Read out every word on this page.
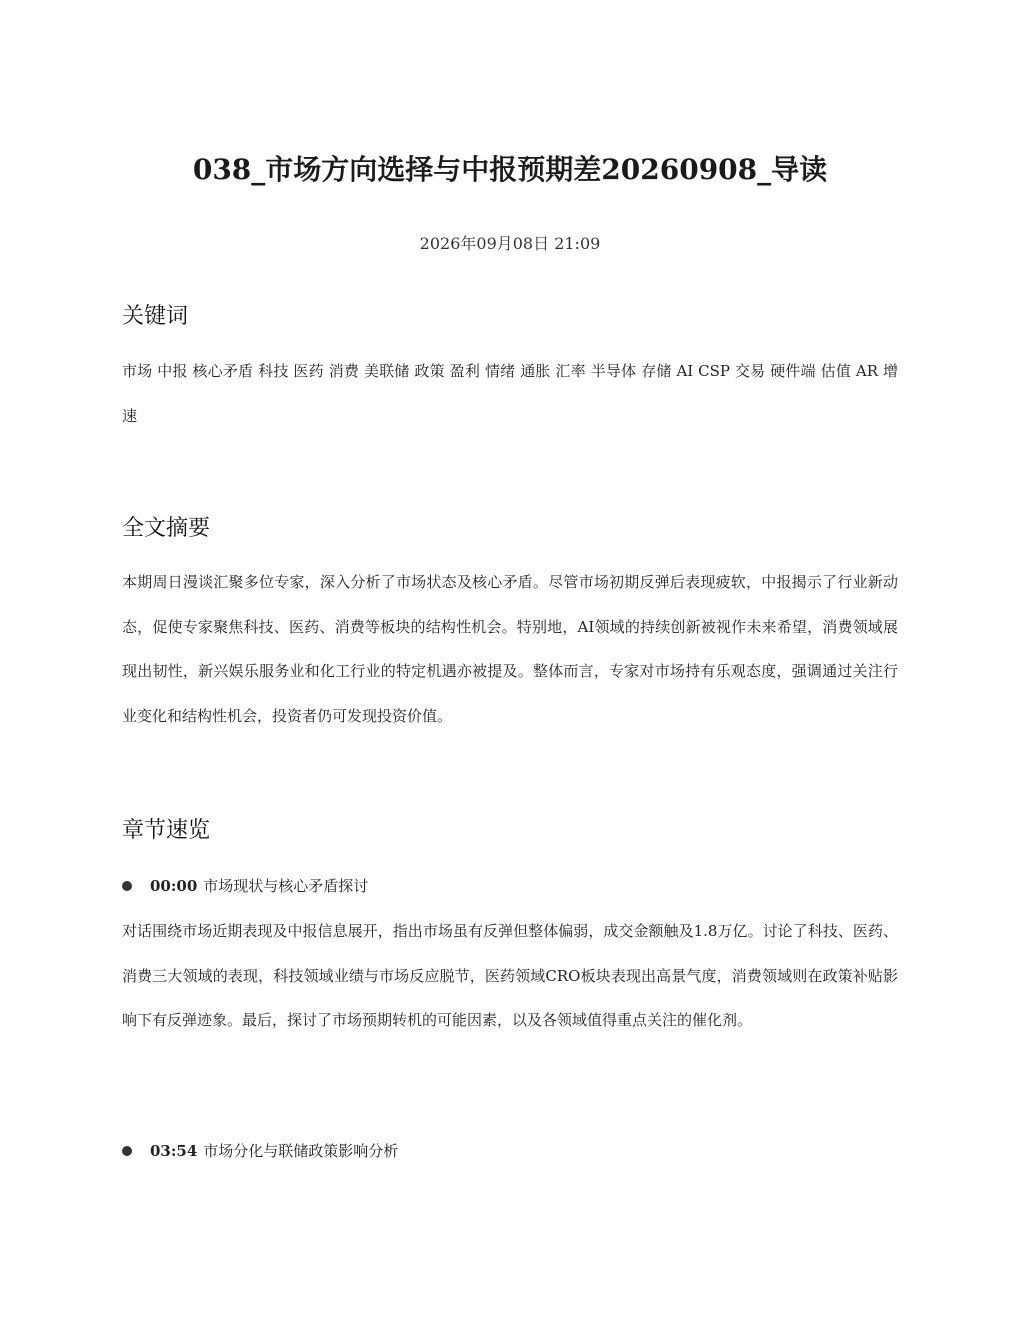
038_市场方向选择与中报预期差20260908_导读
2026年09月08日 21:09
关键词

市场 中报 核心矛盾 科技 医药 消费 美联储 政策 盈利 情绪 通胀 汇率 半导体 存储 AI CSP 交易 硬件端 估值 AR 增速

全文摘要

本期周日漫谈汇聚多位专家，深入分析了市场状态及核心矛盾。尽管市场初期反弹后表现疲软，中报揭示了行业新动态，促使专家聚焦科技、医药、消费等板块的结构性机会。特别地，AI领域的持续创新被视作未来希望，消费领域展现出韧性，新兴娱乐服务业和化工行业的特定机遇亦被提及。整体而言，专家对市场持有乐观态度，强调通过关注行业变化和结构性机会，投资者仍可发现投资价值。

章节速览
00:00 市场现状与核心矛盾探讨

对话围绕市场近期表现及中报信息展开，指出市场虽有反弹但整体偏弱，成交金额触及1.8万亿。讨论了科技、医药、消费三大领域的表现，科技领域业绩与市场反应脱节，医药领域CRO板块表现出高景气度，消费领域则在政策补贴影响下有反弹迹象。最后，探讨了市场预期转机的可能因素，以及各领域值得重点关注的催化剂。

03:54 市场分化与联储政策影响分析
